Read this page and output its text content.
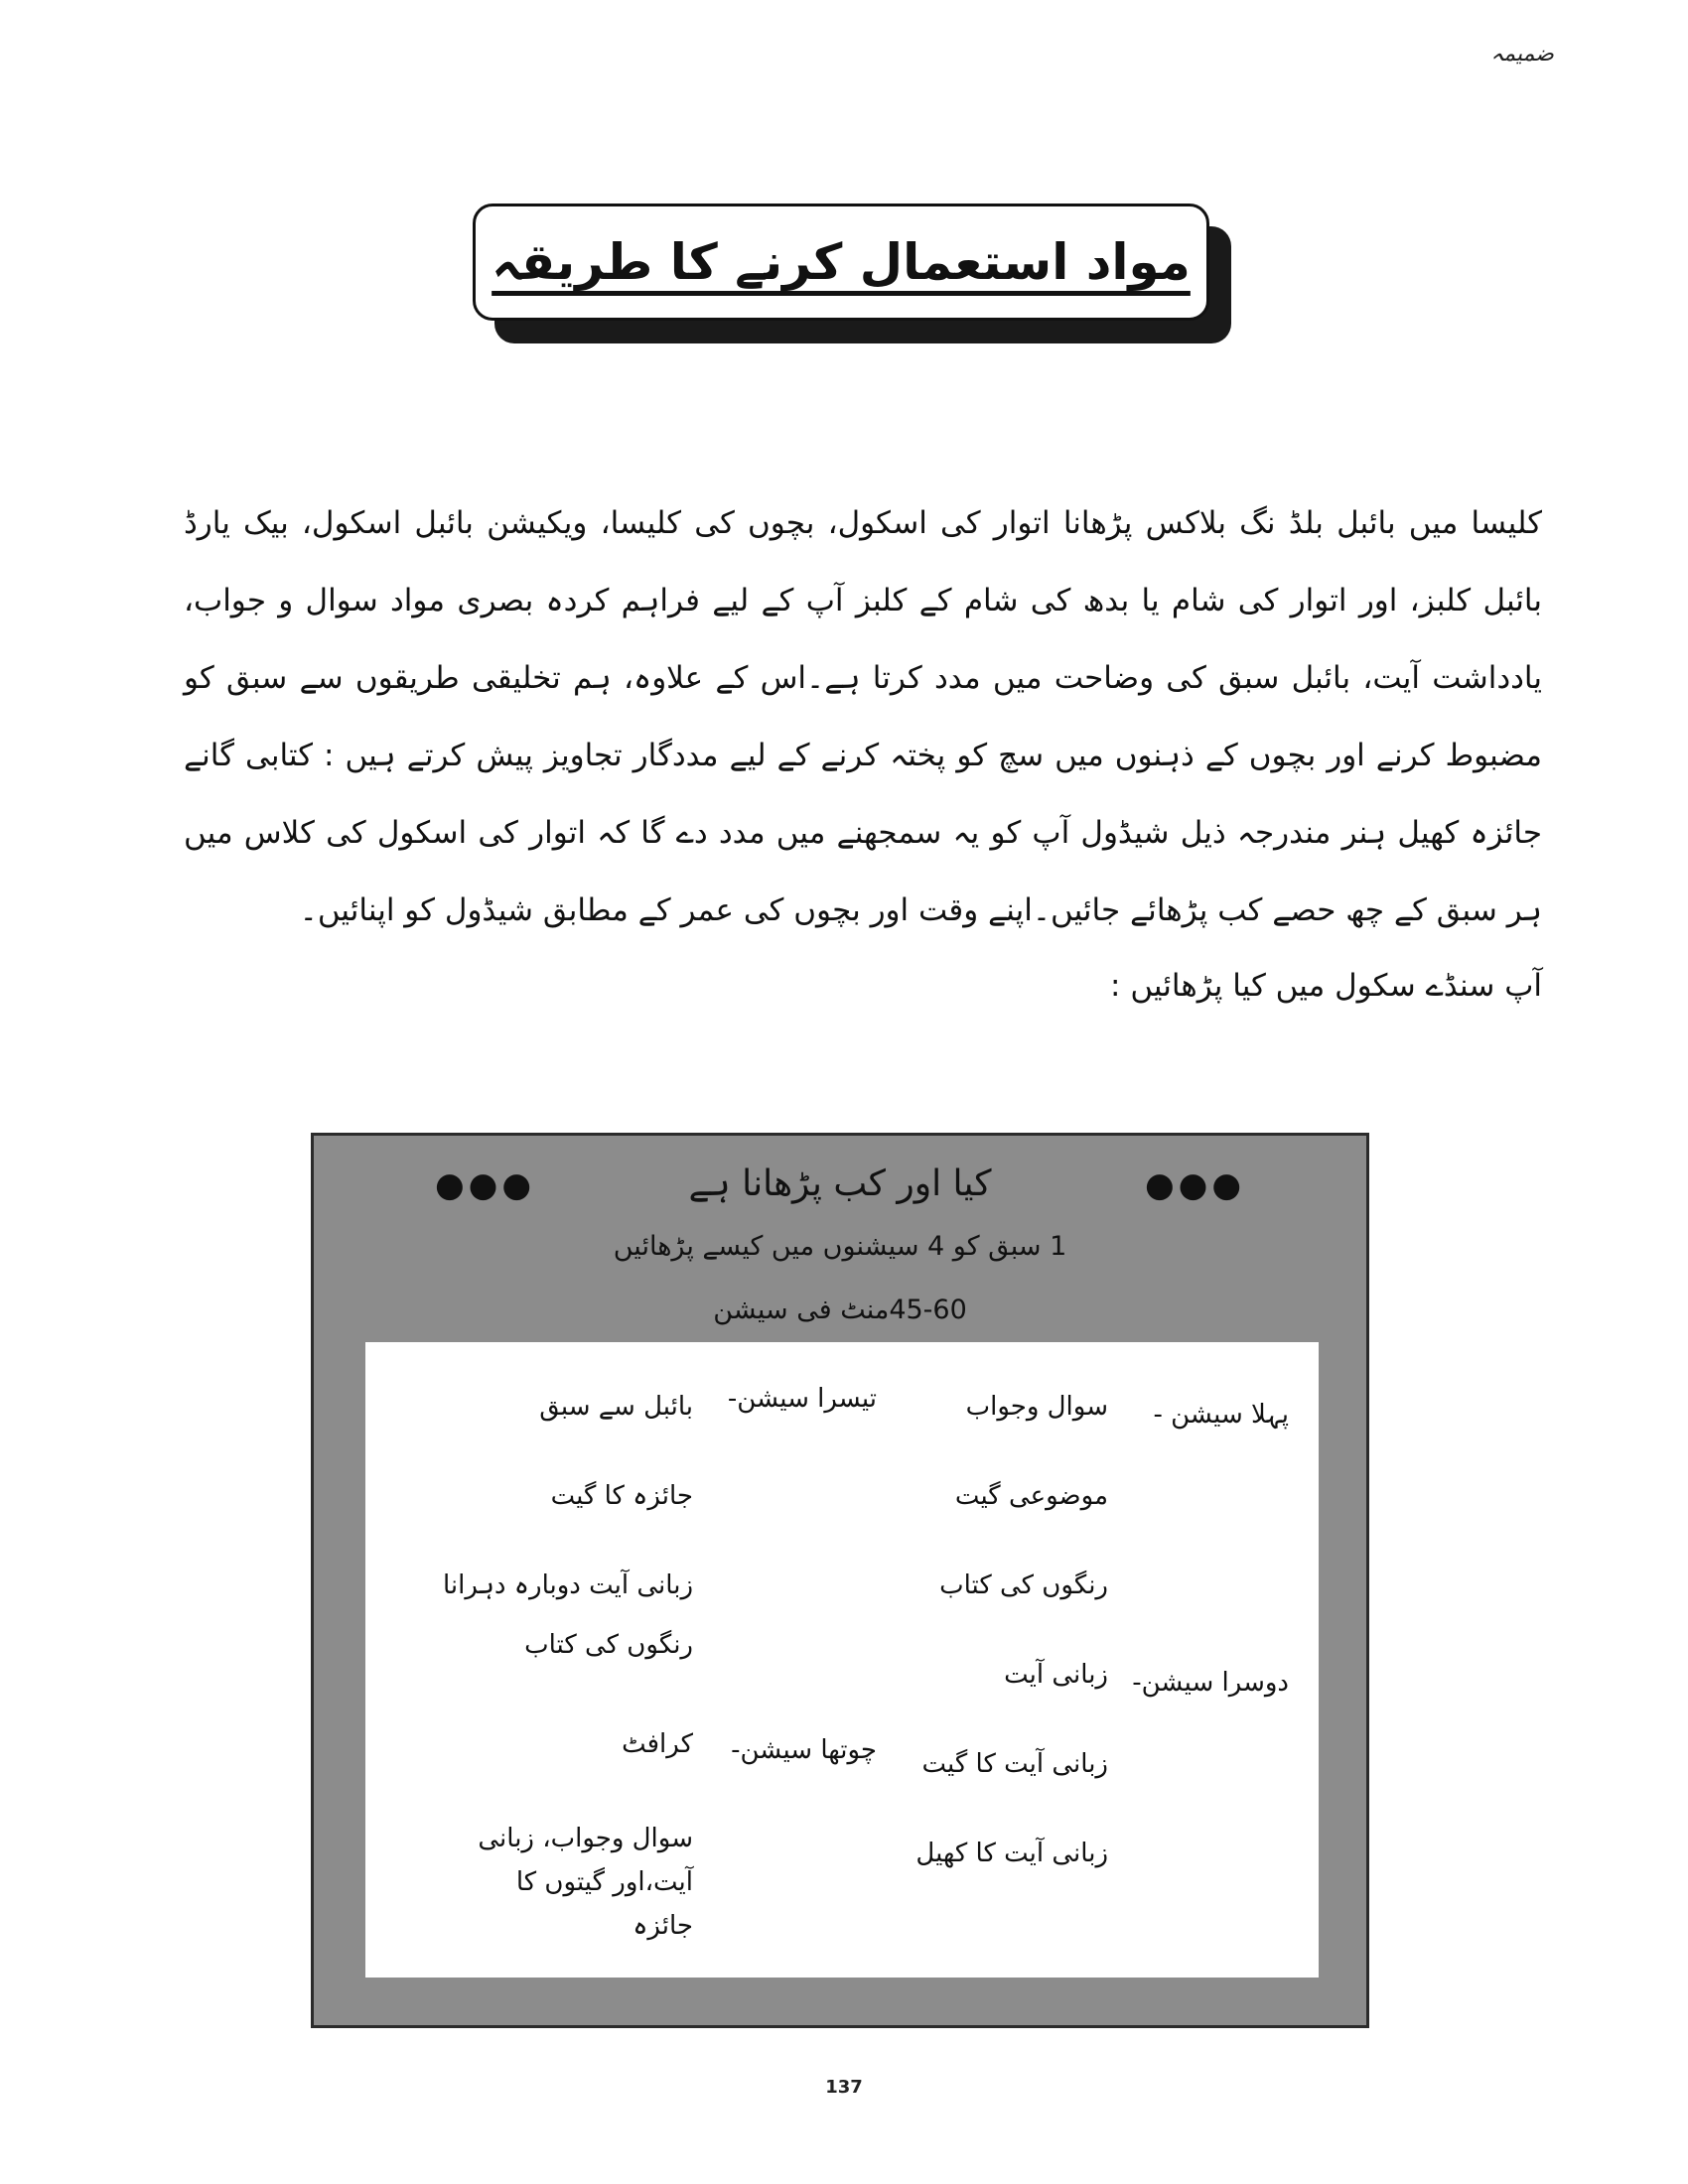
ضمیمہ
مواد استعمال کرنے کا طریقہ
کلیسا میں بائبل بلڈ نگ بلاکس پڑھانا اتوار کی اسکول، بچوں کی کلیسا، ویکیشن بائبل اسکول، بیک یارڈ بائبل کلبز، اور اتوار کی شام یا بدھ کی شام کے کلبز آپ کے لیے فراہم کردہ بصری مواد سوال و جواب، یادداشت آیت، بائبل سبق کی وضاحت میں مدد کرتا ہے۔اس کے علاوہ، ہم تخلیقی طریقوں سے سبق کو مضبوط کرنے اور بچوں کے ذہنوں میں سچ کو پختہ کرنے کے لیے مددگار تجاویز پیش کرتے ہیں : کتابی گانے جائزہ کھیل ہنر مندرجہ ذیل شیڈول آپ کو یہ سمجھنے میں مدد دے گا کہ اتوار کی اسکول کی کلاس میں ہر سبق کے چھ حصے کب پڑھائے جائیں۔اپنے وقت اور بچوں کی عمر کے مطابق شیڈول کو اپنائیں۔
آپ سنڈے سکول میں کیا پڑھائیں :
●●●	●●●
کیا اور کب پڑھانا ہے
1 سبق کو 4 سیشنوں میں کیسے پڑھائیں
45-60منٹ فی سیشن
پہلا سیشن -
دوسرا سیشن-
تیسرا سیشن-
چوتھا سیشن-
سوال وجواب
موضوعی گیت
رنگوں کی کتاب
زبانی آیت
زبانی آیت کا گیت
زبانی آیت کا کھیل
بائبل سے سبق
جائزہ کا گیت
زبانی آیت دوبارہ دہرانا
رنگوں کی کتاب
کرافٹ
سوال وجواب، زبانی آیت،اور گیتوں کا جائزہ
137
